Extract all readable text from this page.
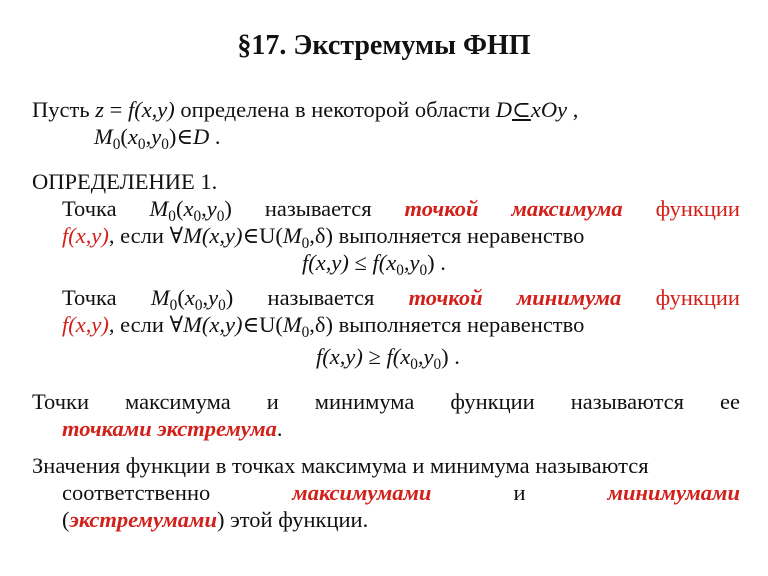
§17. Экстремумы ФНП
Пусть z = f(x,y) определена в некоторой области D⊂xOy ,
$M_0(x_0,y_0)\in D$ .
ОПРЕДЕЛЕНИЕ 1.
Точка $M_0(x_0,y_0)$ называется точкой максимума функции
f(x,y), если $\forall M(x,y)\in U(M_0,\delta)$ выполняется неравенство
$f(x,y) \le f(x_0,y_0)$ .
Точка $M_0(x_0,y_0)$ называется точкой минимума функции
f(x,y), если $\forall M(x,y)\in U(M_0,\delta)$ выполняется неравенство
$f(x,y) \ge f(x_0,y_0)$ .
Точки максимума и минимума функции называются ее
точками экстремума.
Значения функции в точках максимума и минимума называются
соответственно	максимумами	и	минимумами
(экстремумами) этой функции.
